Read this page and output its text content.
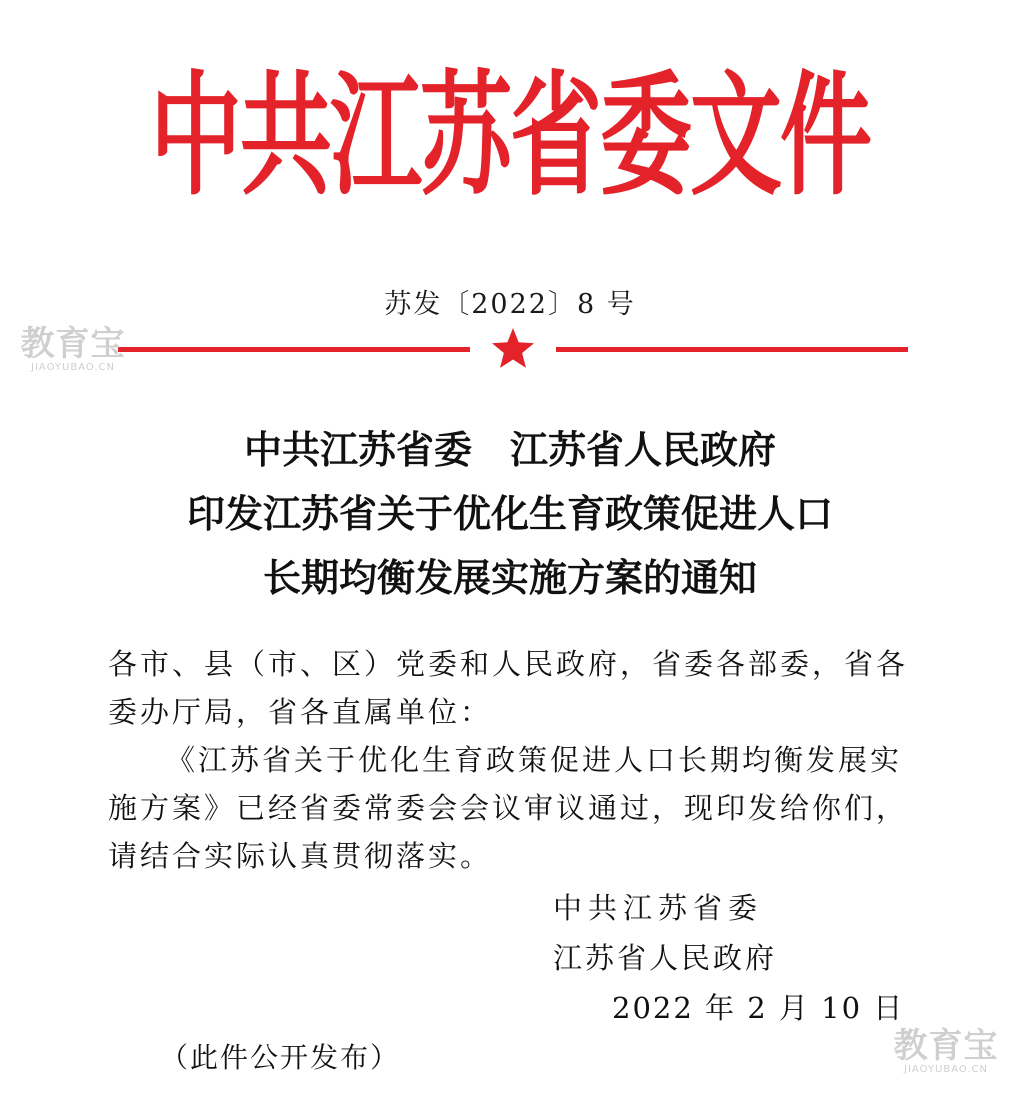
中共江苏省委文件
苏发〔2022〕8 号
教育宝
JIAOYUBAO.CN
中共江苏省委　江苏省人民政府
印发江苏省关于优化生育政策促进人口
长期均衡发展实施方案的通知
各市、县（市、区）党委和人民政府，省委各部委，省各委办厅局，省各直属单位：
《江苏省关于优化生育政策促进人口长期均衡发展实施方案》已经省委常委会会议审议通过，现印发给你们，请结合实际认真贯彻落实。
中共江苏省委
江苏省人民政府
2022 年 2 月 10 日
（此件公开发布）	教育宝
JIAOYUBAO.CN
